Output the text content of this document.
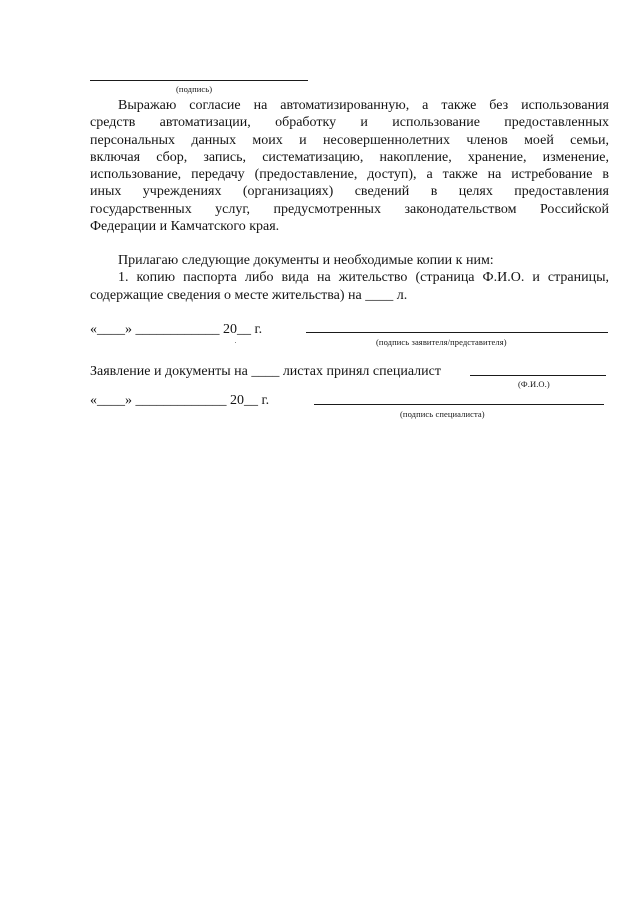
(подпись)
Выражаю согласие на автоматизированную, а также без использования
средств автоматизации, обработку и использование предоставленных
персональных данных моих и несовершеннолетних членов моей семьи,
включая сбор, запись, систематизацию, накопление, хранение, изменение,
использование, передачу (предоставление, доступ), а также на истребование в
иных учреждениях (организациях) сведений в целях предоставления
государственных услуг, предусмотренных законодательством Российской
Федерации и Камчатского края.
Прилагаю следующие документы и необходимые копии к ним:
1. копию паспорта либо вида на жительство (страница Ф.И.О. и страницы,
содержащие сведения о месте жительства) на ____ л.
«____» ____________ 20__ г.
(подпись заявителя/представителя)
Заявление и документы на ____ листах принял специалист
(Ф.И.О.)
«____» _____________ 20__ г.
(подпись специалиста)
